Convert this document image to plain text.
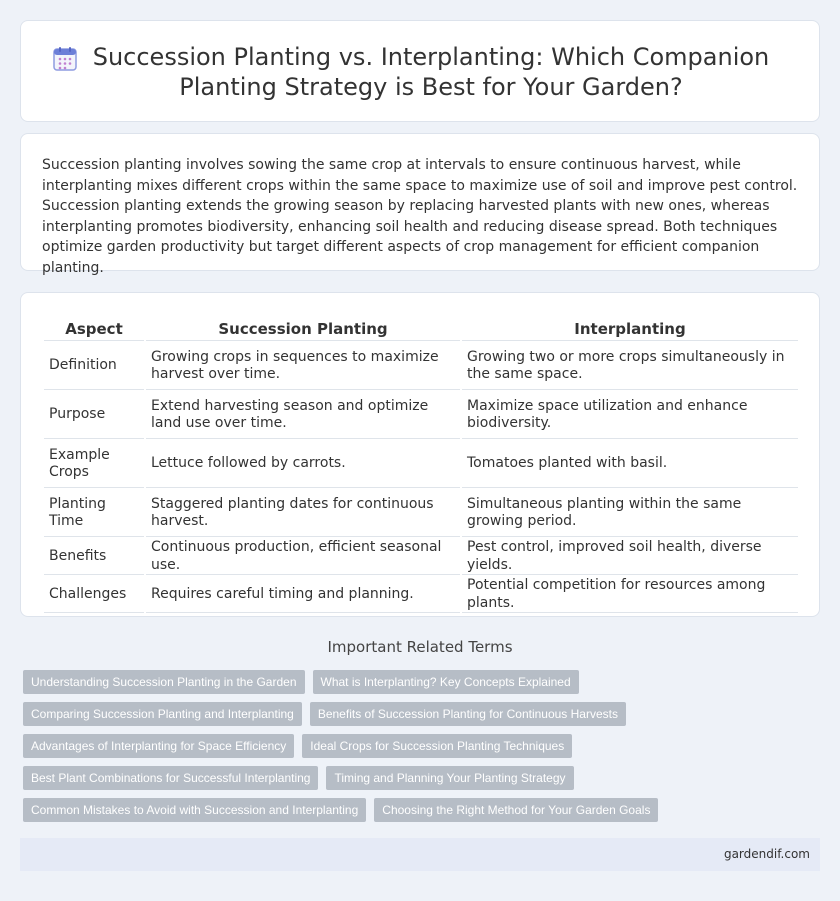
Succession Planting vs. Interplanting: Which Companion Planting Strategy is Best for Your Garden?

Succession planting involves sowing the same crop at intervals to ensure continuous harvest, while interplanting mixes different crops within the same space to maximize use of soil and improve pest control. Succession planting extends the growing season by replacing harvested plants with new ones, whereas interplanting promotes biodiversity, enhancing soil health and reducing disease spread. Both techniques optimize garden productivity but target different aspects of crop management for efficient companion planting.

Aspect	Succession Planting	Interplanting
Definition	Growing crops in sequences to maximize harvest over time.	Growing two or more crops simultaneously in the same space.
Purpose	Extend harvesting season and optimize land use over time.	Maximize space utilization and enhance biodiversity.
Example Crops	Lettuce followed by carrots.	Tomatoes planted with basil.
Planting Time	Staggered planting dates for continuous harvest.	Simultaneous planting within the same growing period.
Benefits	Continuous production, efficient seasonal use.	Pest control, improved soil health, diverse yields.
Challenges	Requires careful timing and planning.	Potential competition for resources among plants.
Important Related Terms
Understanding Succession Planting in the Garden	What is Interplanting? Key Concepts Explained
Comparing Succession Planting and Interplanting	Benefits of Succession Planting for Continuous Harvests
Advantages of Interplanting for Space Efficiency	Ideal Crops for Succession Planting Techniques
Best Plant Combinations for Successful Interplanting	Timing and Planning Your Planting Strategy
Common Mistakes to Avoid with Succession and Interplanting	Choosing the Right Method for Your Garden Goals
gardendif.com
